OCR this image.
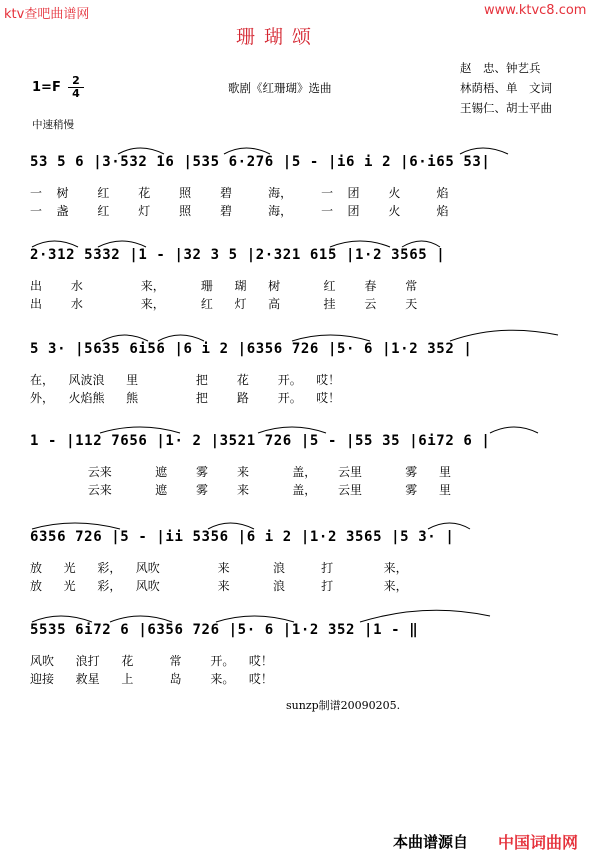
ktv查吧曲谱网	www.ktvc8.com
珊瑚颂
赵　忠、钟艺兵
林荫梧、单　文词
王锡仁、胡士平曲
1=F	2
4	歌剧《红珊瑚》选曲
中速稍慢
53 5 6 |3·532 16 |535 6·276 |5 - |i6 i 2 |6·i65 53|
一  树    红    花    照    碧     海，    一  团    火     焰
一  盏    红    灯    照    碧     海，    一  团    火     焰
2·312 5332 |1 - |32 3 5 |2·321 615 |1·2 3565 |
出    水        来，     珊   瑚   树      红    春    常
出    水        来，     红   灯   高      挂    云    天
5 3· |5635 6i56 |6 i 2 |6356 726 |5· 6 |1·2 352 |
在，  风波浪   里        把    花    开。  哎！
外，  火焰熊   熊        把    路    开。  哎！
1 - |112 7656 |1· 2 |3521 726 |5 - |55 35 |6i72 6 |
云来      遮    雾    来      盖，   云里      雾   里
云来      遮    雾    来      盖，   云里      雾   里
6356 726 |5 - |ii 5356 |6 i 2 |1·2 3565 |5 3· |
放   光   彩，  风吹        来      浪     打       来，
放   光   彩，  风吹        来      浪     打       来，
5535 6i72 6 |6356 726 |5· 6 |1·2 352 |1 - ‖
风吹   浪打   花     常    开。  哎！
迎接   救星   上     岛    来。  哎！
sunzp制谱20090205.
本曲谱源自 中国词曲网
